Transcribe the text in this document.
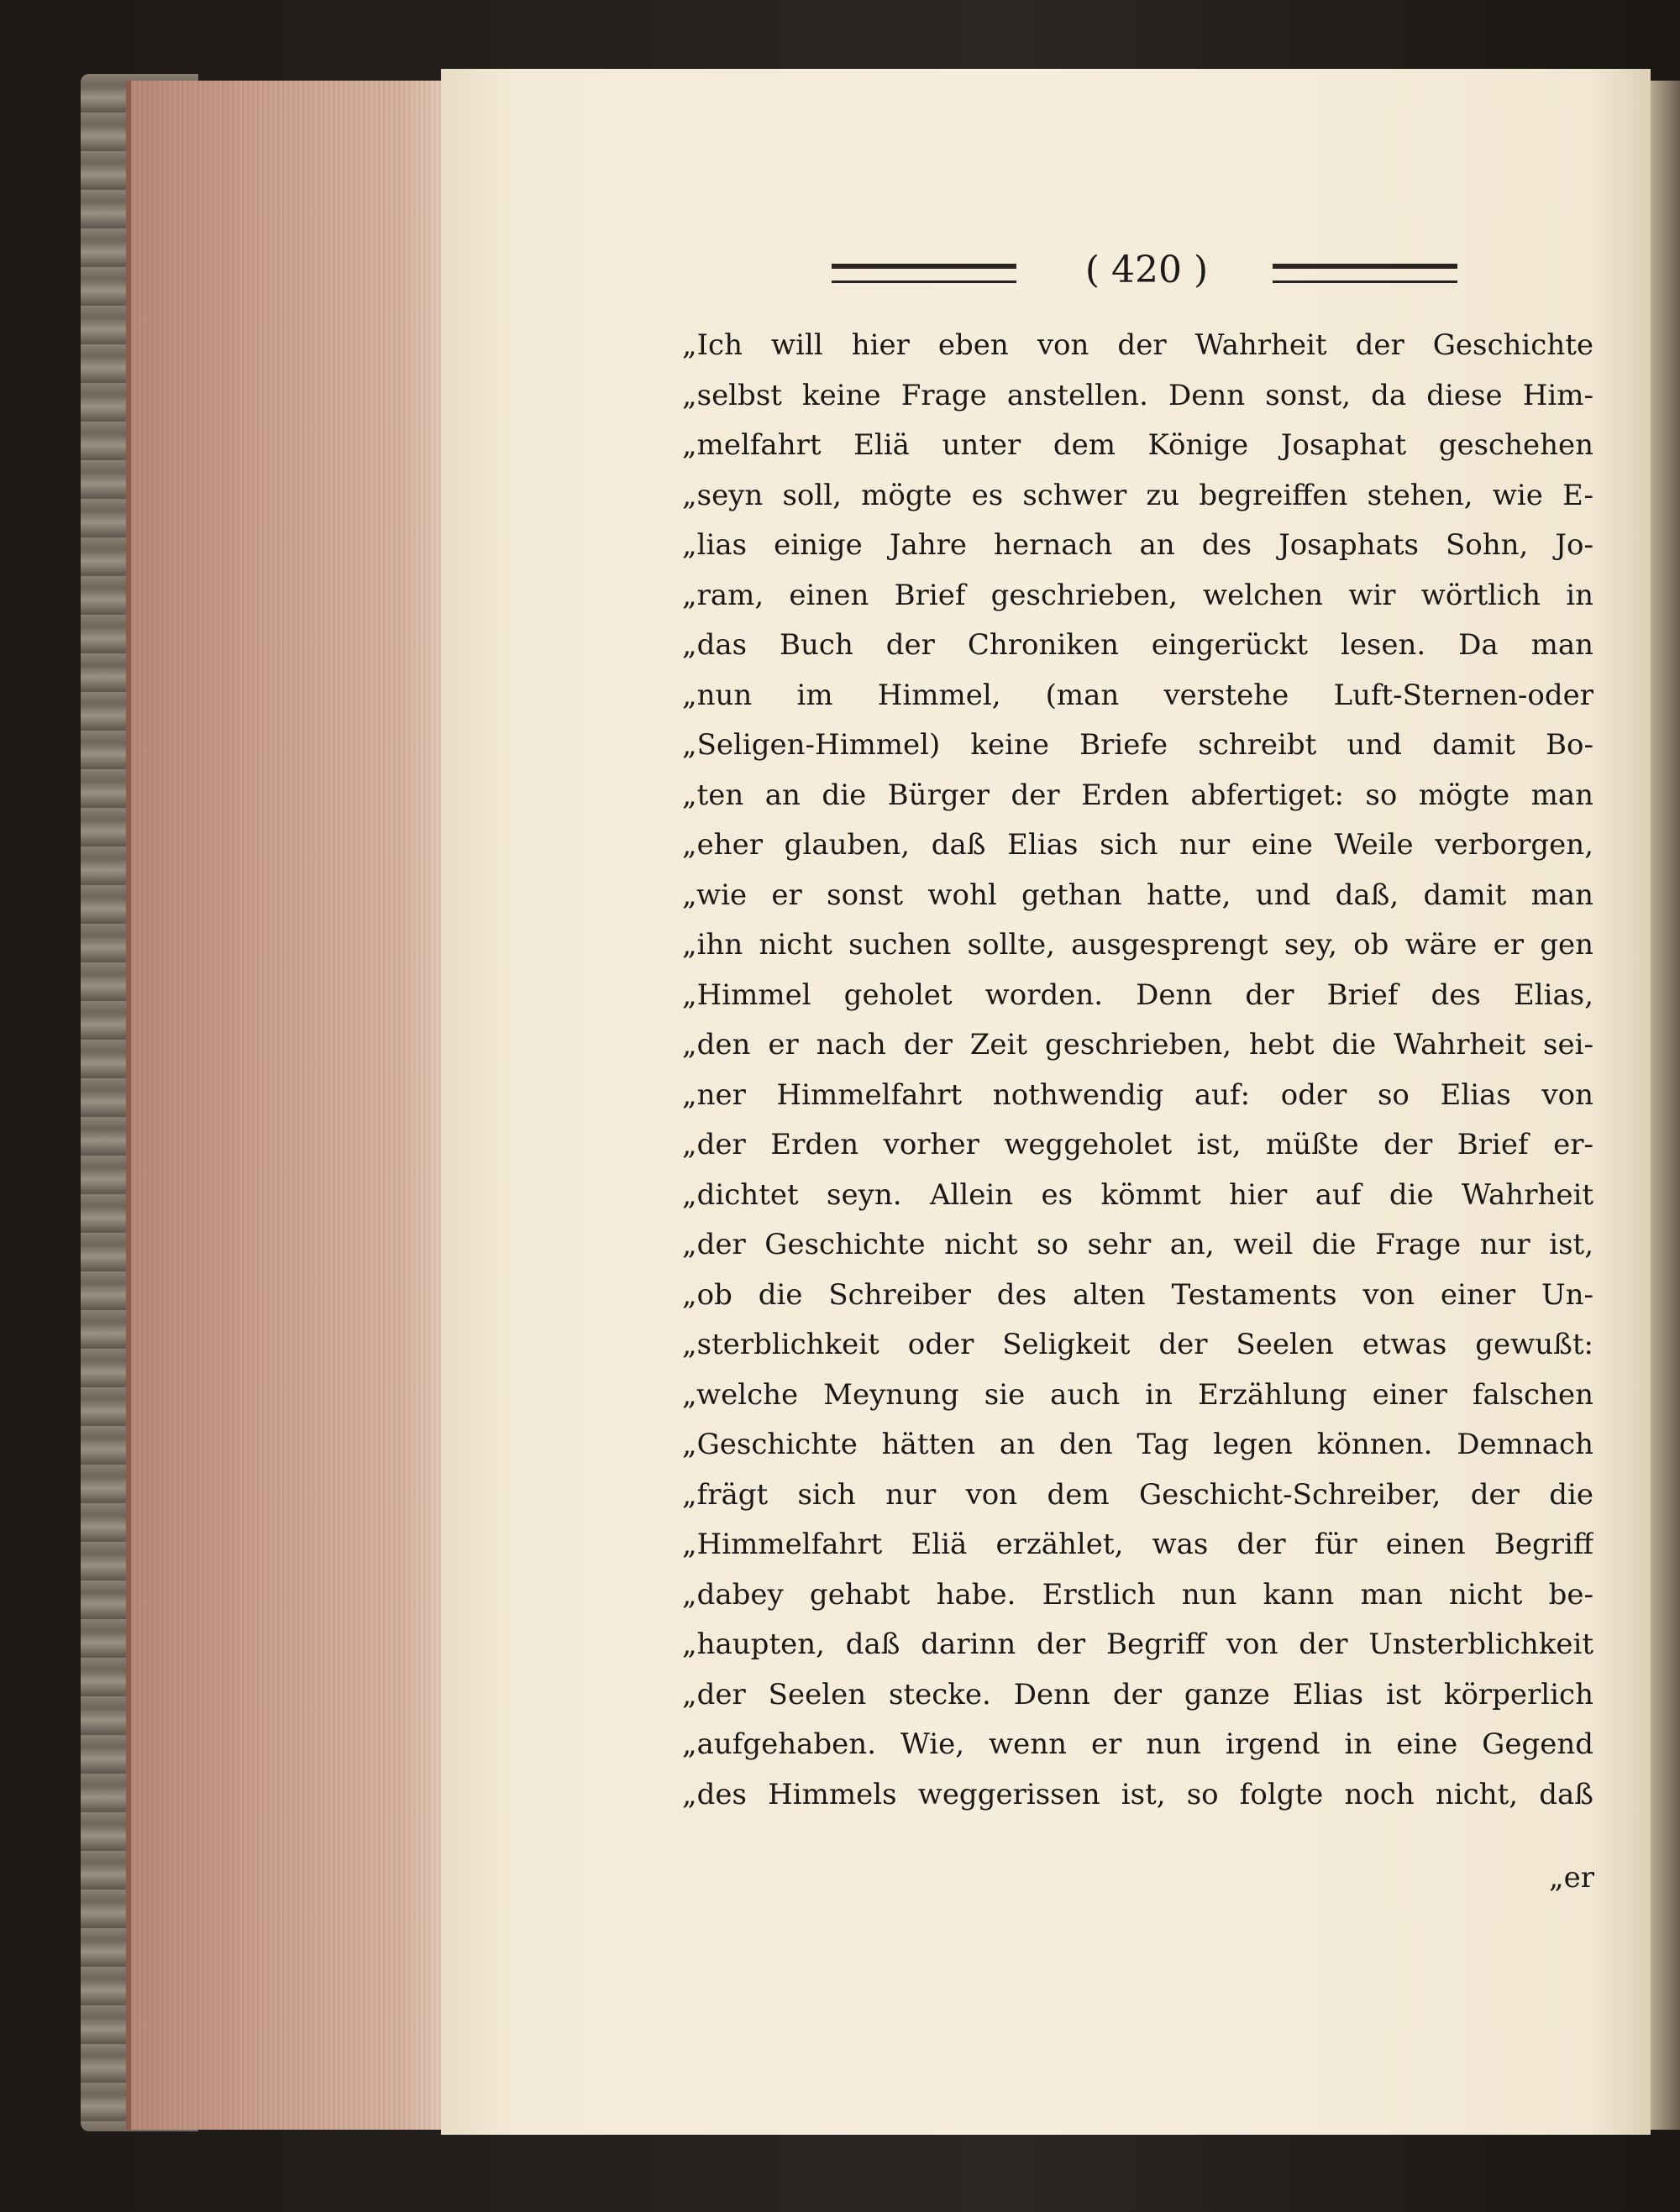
( 420 )
„Ich will hier eben von der Wahrheit der Geschichte
„selbst keine Frage anstellen. Denn sonst, da diese Him-
„melfahrt Eliä unter dem Könige Josaphat geschehen
„seyn soll, mögte es schwer zu begreiffen stehen, wie E-
„lias einige Jahre hernach an des Josaphats Sohn, Jo-
„ram, einen Brief geschrieben, welchen wir wörtlich in
„das Buch der Chroniken eingerückt lesen. Da man
„nun im Himmel, (man verstehe Luft-Sternen-oder
„Seligen-Himmel) keine Briefe schreibt und damit Bo-
„ten an die Bürger der Erden abfertiget: so mögte man
„eher glauben, daß Elias sich nur eine Weile verborgen,
„wie er sonst wohl gethan hatte, und daß, damit man
„ihn nicht suchen sollte, ausgesprengt sey, ob wäre er gen
„Himmel geholet worden. Denn der Brief des Elias,
„den er nach der Zeit geschrieben, hebt die Wahrheit sei-
„ner Himmelfahrt nothwendig auf: oder so Elias von
„der Erden vorher weggeholet ist, müßte der Brief er-
„dichtet seyn. Allein es kömmt hier auf die Wahrheit
„der Geschichte nicht so sehr an, weil die Frage nur ist,
„ob die Schreiber des alten Testaments von einer Un-
„sterblichkeit oder Seligkeit der Seelen etwas gewußt:
„welche Meynung sie auch in Erzählung einer falschen
„Geschichte hätten an den Tag legen können. Demnach
„frägt sich nur von dem Geschicht-Schreiber, der die
„Himmelfahrt Eliä erzählet, was der für einen Begriff
„dabey gehabt habe. Erstlich nun kann man nicht be-
„haupten, daß darinn der Begriff von der Unsterblichkeit
„der Seelen stecke. Denn der ganze Elias ist körperlich
„aufgehaben. Wie, wenn er nun irgend in eine Gegend
„des Himmels weggerissen ist, so folgte noch nicht, daß
„er
